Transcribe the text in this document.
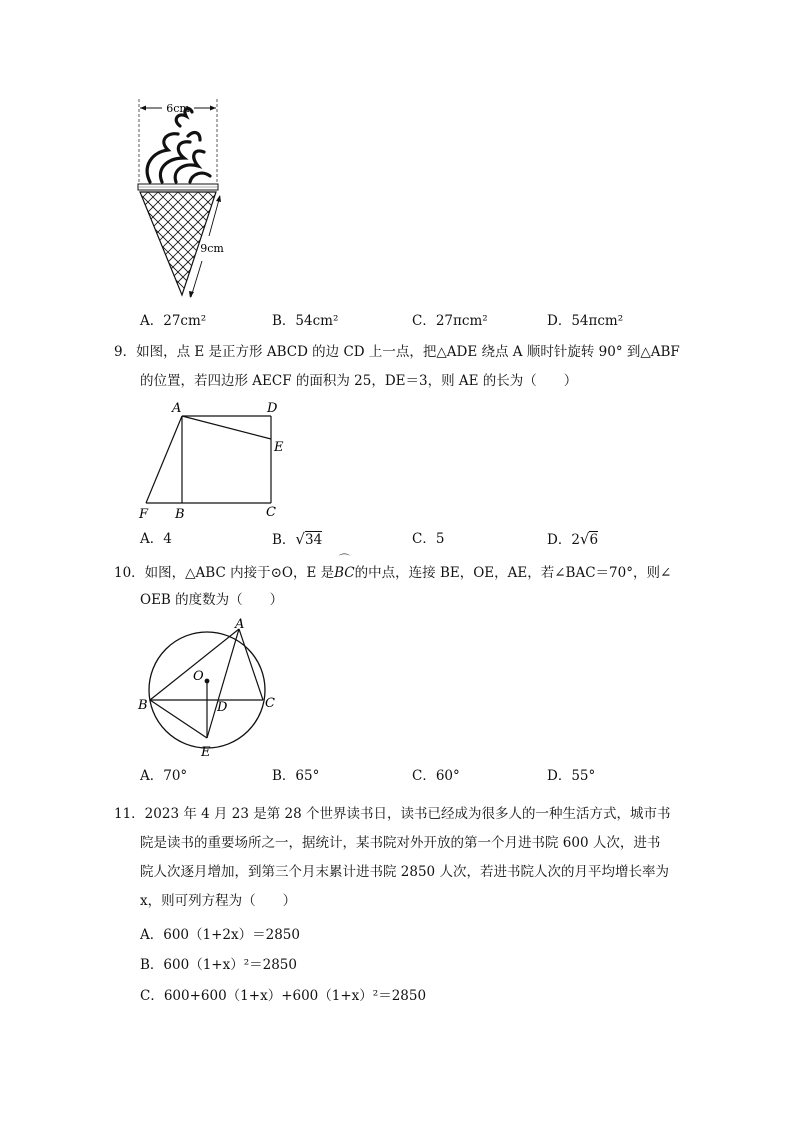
6cm
9cm
A．27cm²	B．54cm²	C．27πcm²	D．54πcm²
9．如图，点 E 是正方形 ABCD 的边 CD 上一点，把△ADE 绕点 A 顺时针旋转 90° 到△ABF
的位置，若四边形 AECF 的面积为 25，DE＝3，则 AE 的长为（　　）
A	D
E
F B	C
A．4	B．√34	C．5	D．2√6
10．如图，△ABC 内接于⊙O，E 是
⌒
BC的中点，连接 BE，OE，AE，若∠BAC＝70°，则∠
OEB 的度数为（　　）
A
O
B	D	C
E
A．70°	B．65°	C．60°	D．55°
11．2023 年 4 月 23 是第 28 个世界读书日，读书已经成为很多人的一种生活方式，城市书
院是读书的重要场所之一，据统计，某书院对外开放的第一个月进书院 600 人次，进书
院人次逐月增加，到第三个月末累计进书院 2850 人次，若进书院人次的月平均增长率为
x，则可列方程为（　　）
A．600（1+2x）＝2850
B．600（1+x）²＝2850
C．600+600（1+x）+600（1+x）²＝2850
